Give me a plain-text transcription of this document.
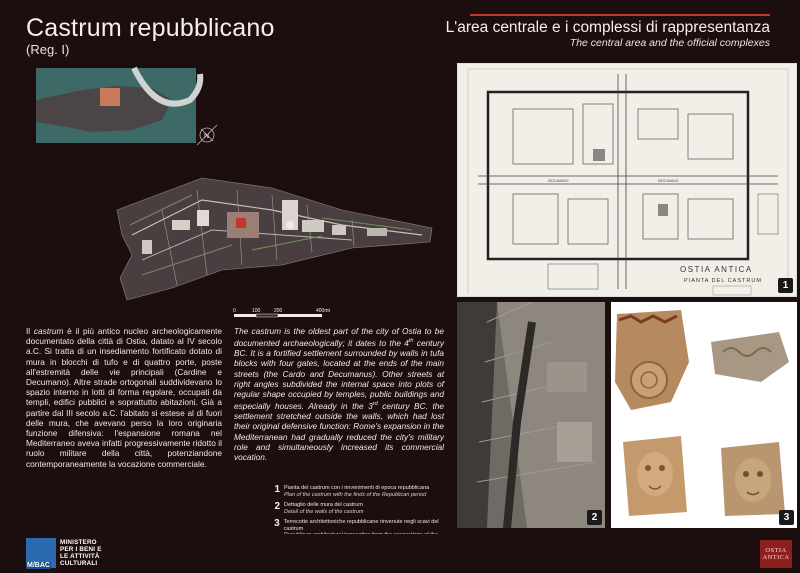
Castrum repubblicano
(Reg. I)
L'area centrale e i complessi di rappresentanza
The central area and the official complexes
N
0	100	200	400mt
Il castrum è il più antico nucleo archeologicamente documentato della città di Ostia, datato al IV secolo a.C. Si tratta di un insediamento fortificato dotato di mura in blocchi di tufo e di quattro porte, poste all'estremità delle vie principali (Cardine e Decumano). Altre strade ortogonali suddividevano lo spazio interno in lotti di forma regolare, occupati da templi, edifici pubblici e soprattutto abitazioni. Già a partire dal III secolo a.C. l'abitato si estese al di fuori delle mura, che avevano perso la loro originaria funzione difensiva: l'espansione romana nel Mediterraneo aveva infatti progressivamente ridotto il ruolo militare della città, potenziandone contemporaneamente la vocazione commerciale.
The castrum is the oldest part of the city of Ostia to be documented archaeologically; it dates to the 4th century BC. It is a fortified settlement surrounded by walls in tufa blocks with four gates, located at the ends of the main streets (the Cardo and Decumanus). Other streets at right angles subdivided the internal space into plots of regular shape occupied by temples, public buildings and especially houses. Already in the 3rd century BC. the settlement stretched outside the walls, which had lost their original defensive function: Rome's expansion in the Mediterranean had gradually reduced the city's military role and simultaneously increased its commercial vocation.
1 Pianta del castrum con i rinvenimenti di epoca repubblicana
Plan of the castrum with the finds of the Republican period
2 Dettaglio delle mura del castrum
Detail of the walls of the castrum
3 Terrecotte architettoniche repubblicane rinvenute negli scavi del castrum
DECUMANO	DECUMANO
OSTIA ANTICA
PIANTA DEL CASTRUM	1
2	3
M/BAC
MINISTERO
PER I BENI E
LE ATTIVITÀ
CULTURALI
OSTIA
ANTICA
